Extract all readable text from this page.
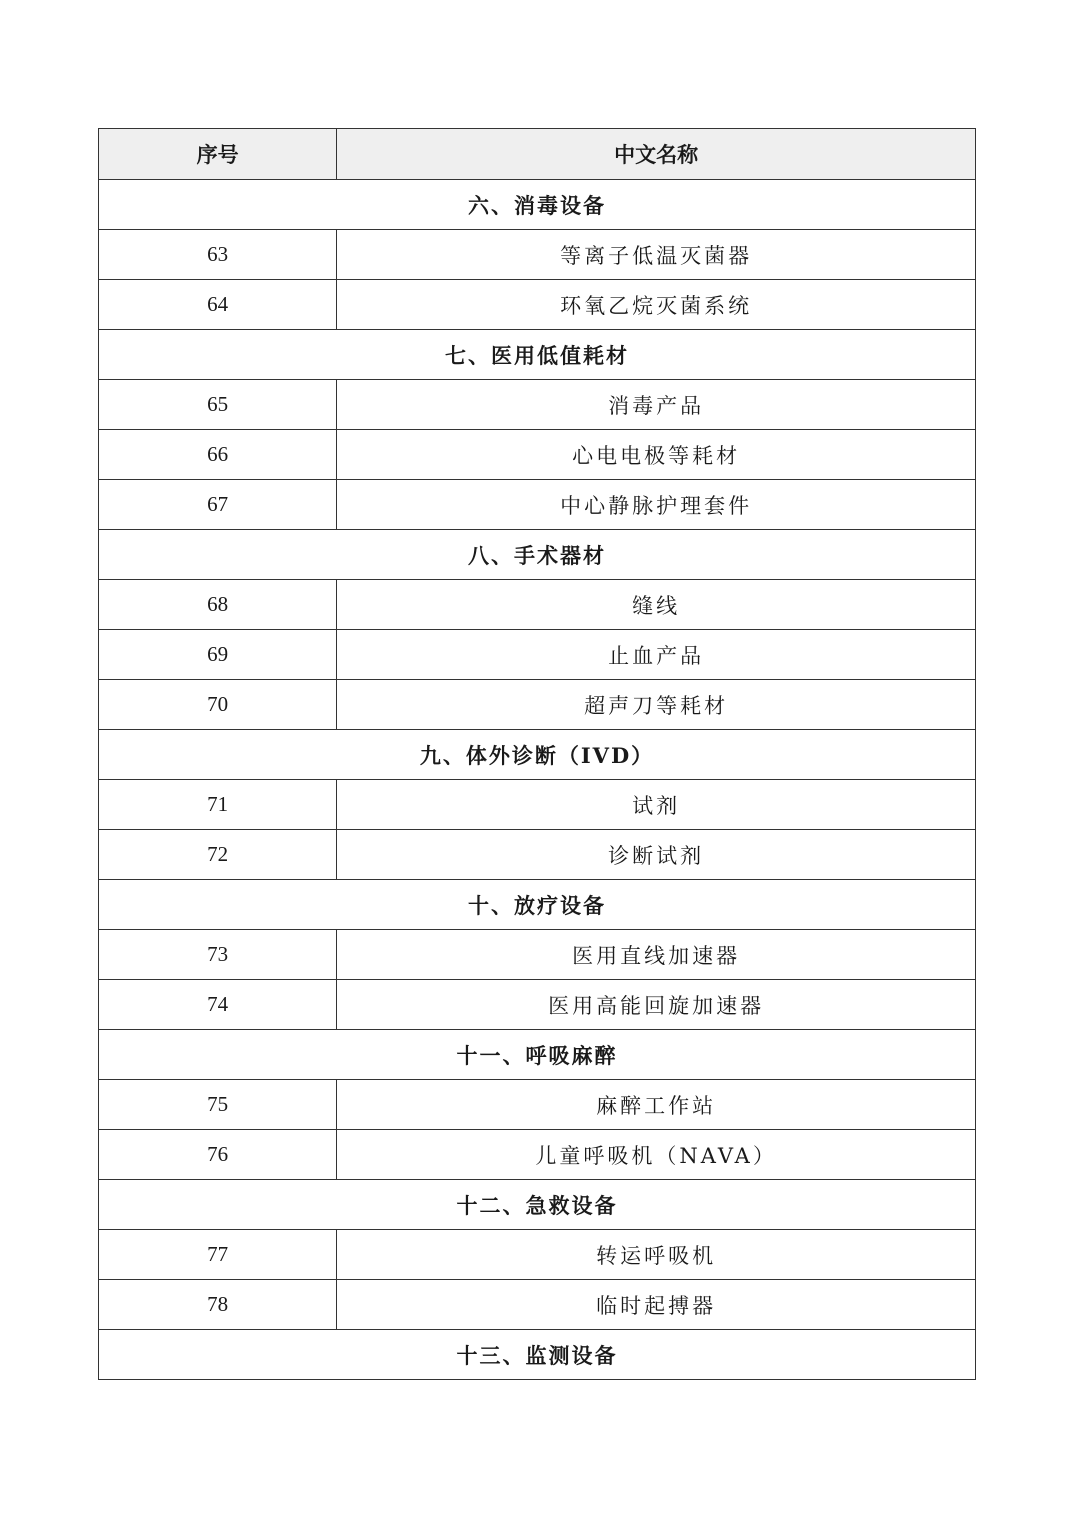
序号	中文名称
六、消毒设备	
63	等离子低温灭菌器
64	环氧乙烷灭菌系统
七、医用低值耗材	
65	消毒产品
66	心电电极等耗材
67	中心静脉护理套件
八、手术器材	
68	缝线
69	止血产品
70	超声刀等耗材
九、体外诊断（IVD）	
71	试剂
72	诊断试剂
十、放疗设备	
73	医用直线加速器
74	医用高能回旋加速器
十一、呼吸麻醉	
75	麻醉工作站
76	儿童呼吸机（NAVA）
十二、急救设备	
77	转运呼吸机
78	临时起搏器
十三、监测设备	
